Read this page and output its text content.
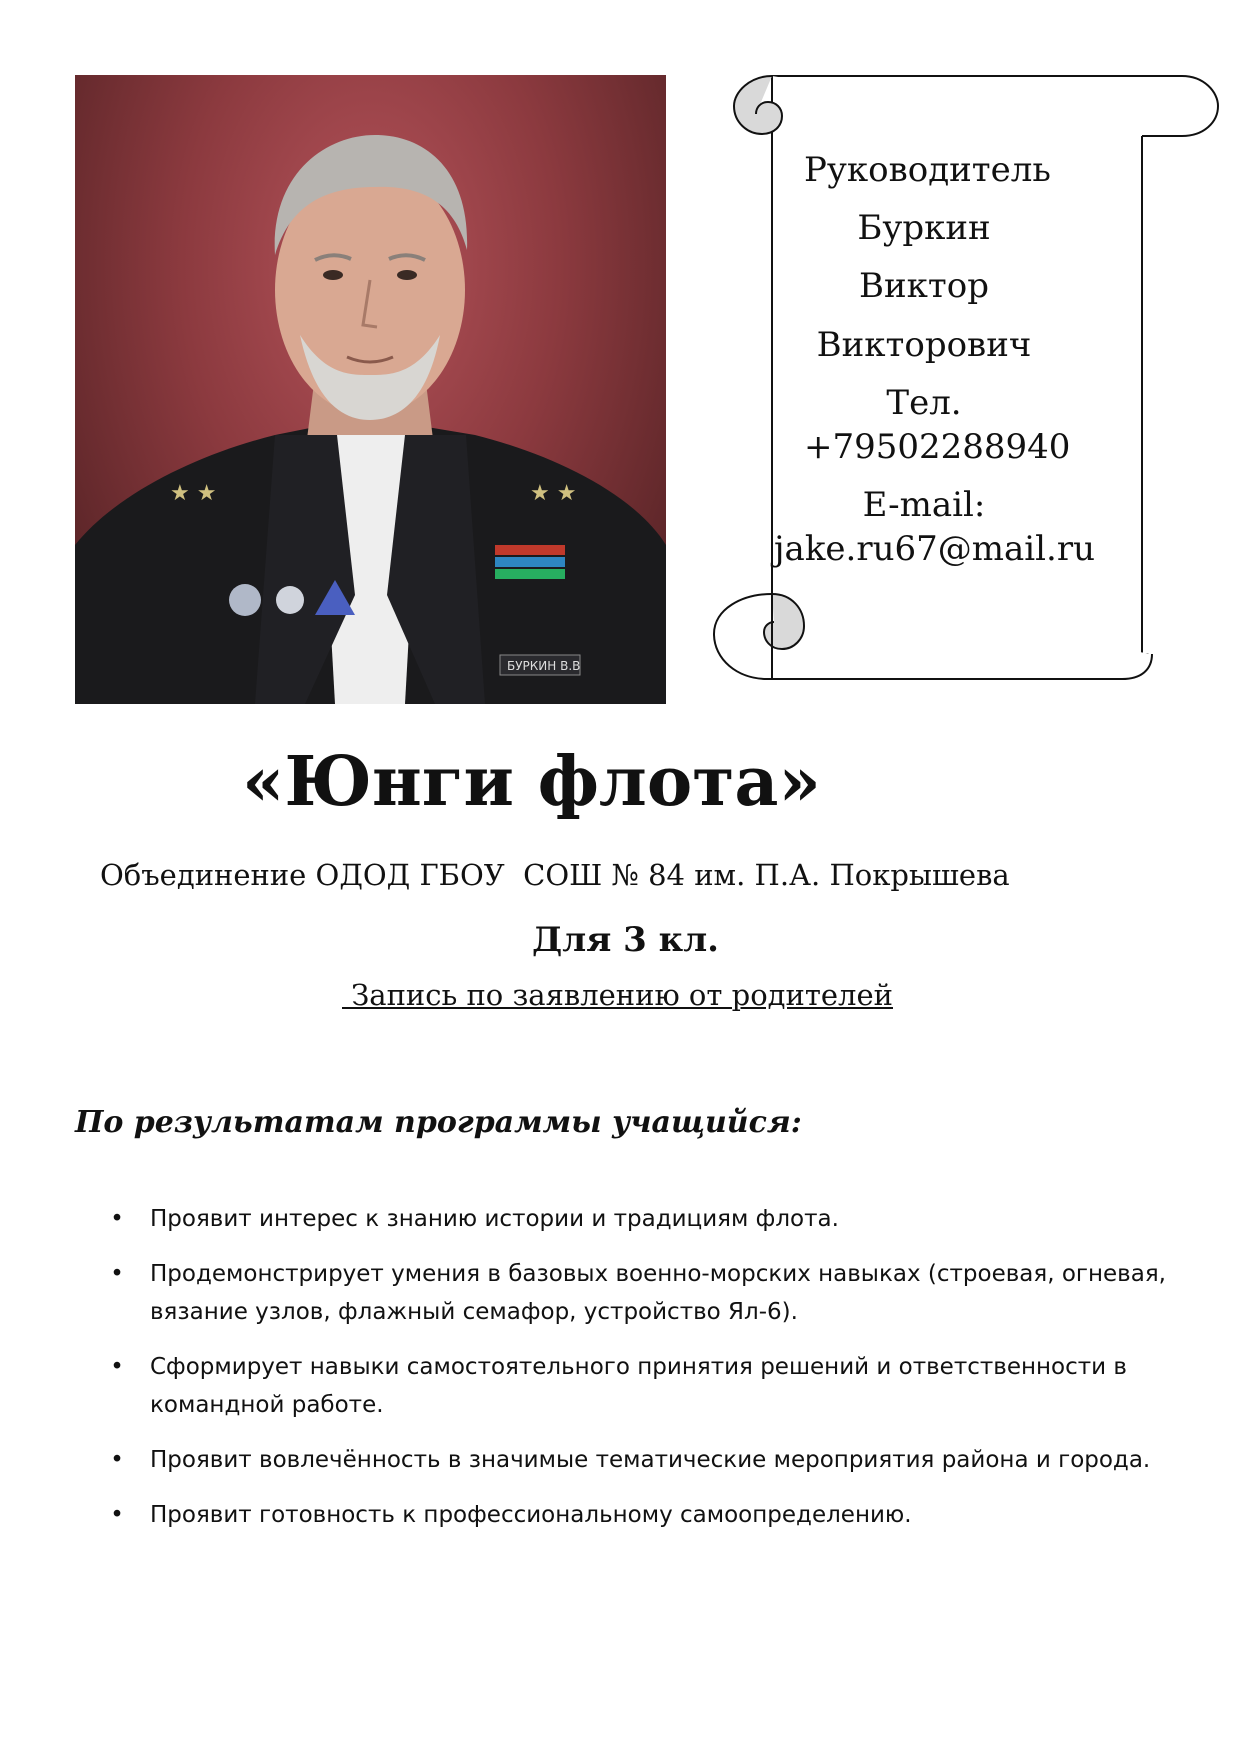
★ ★	★ ★
БУРКИН В.В
Руководитель
Буркин
Виктор
Викторович
Тел.
+79502288940
E-mail:
jake.ru67@mail.ru
«Юнги флота»
Объединение ОДОД ГБОУ  СОШ № 84 им. П.А. Покрышева
Для 3 кл.
Запись по заявлению от родителей
По результатам программы учащийся:
• Проявит интерес к знанию истории и традициям флота.
• Продемонстрирует умения в базовых военно-морских навыках (строевая, огневая, вязание узлов, флажный семафор, устройство Ял-6).
• Сформирует навыки самостоятельного принятия решений и ответственности в командной работе.
• Проявит вовлечённость в значимые тематические мероприятия района и города.
• Проявит готовность к профессиональному самоопределению.
